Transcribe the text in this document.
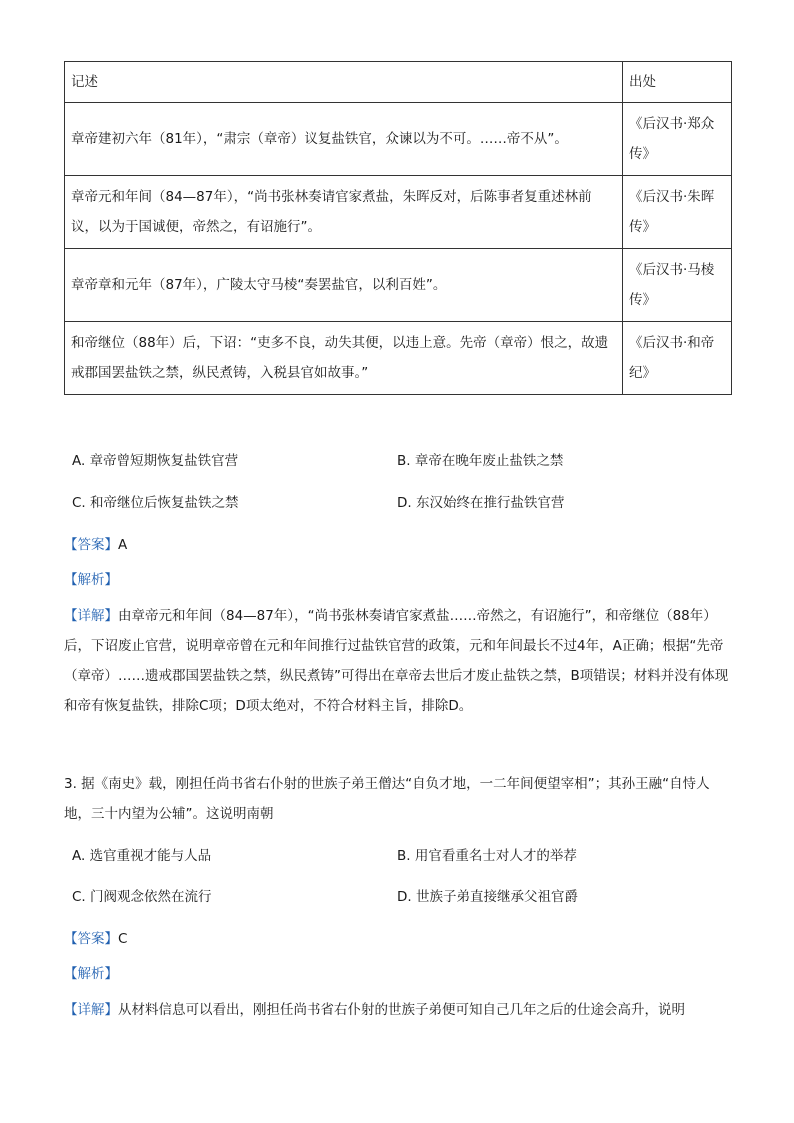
记述	出处
章帝建初六年（81年），“肃宗（章帝）议复盐铁官，众谏以为不可。……帝不从”。	《后汉书·郑众传》
章帝元和年间（84—87年），“尚书张林奏请官家煮盐，朱晖反对，后陈事者复重述林前议，以为于国诚便，帝然之，有诏施行”。	《后汉书·朱晖传》
章帝章和元年（87年），广陵太守马棱“奏罢盐官，以利百姓”。	《后汉书·马棱传》
和帝继位（88年）后，下诏：“吏多不良，动失其便，以违上意。先帝（章帝）恨之，故遗戒郡国罢盐铁之禁，纵民煮铸，入税县官如故事。”	《后汉书·和帝纪》
A. 章帝曾短期恢复盐铁官营	B. 章帝在晚年废止盐铁之禁
C. 和帝继位后恢复盐铁之禁	D. 东汉始终在推行盐铁官营
【答案】A
【解析】
【详解】由章帝元和年间（84—87年），“尚书张林奏请官家煮盐……帝然之，有诏施行”，和帝继位（88年）后，下诏废止官营，说明章帝曾在元和年间推行过盐铁官营的政策，元和年间最长不过4年，A正确；根据“先帝（章帝）……遗戒郡国罢盐铁之禁，纵民煮铸”可得出在章帝去世后才废止盐铁之禁，B项错误；材料并没有体现和帝有恢复盐铁，排除C项；D项太绝对，不符合材料主旨，排除D。
3. 据《南史》载，刚担任尚书省右仆射的世族子弟王僧达“自负才地，一二年间便望宰相”；其孙王融“自恃人地，三十内望为公辅”。这说明南朝
A. 选官重视才能与人品	B. 用官看重名士对人才的举荐
C. 门阀观念依然在流行	D. 世族子弟直接继承父祖官爵
【答案】C
【解析】
【详解】从材料信息可以看出，刚担任尚书省右仆射的世族子弟便可知自己几年之后的仕途会高升，说明
